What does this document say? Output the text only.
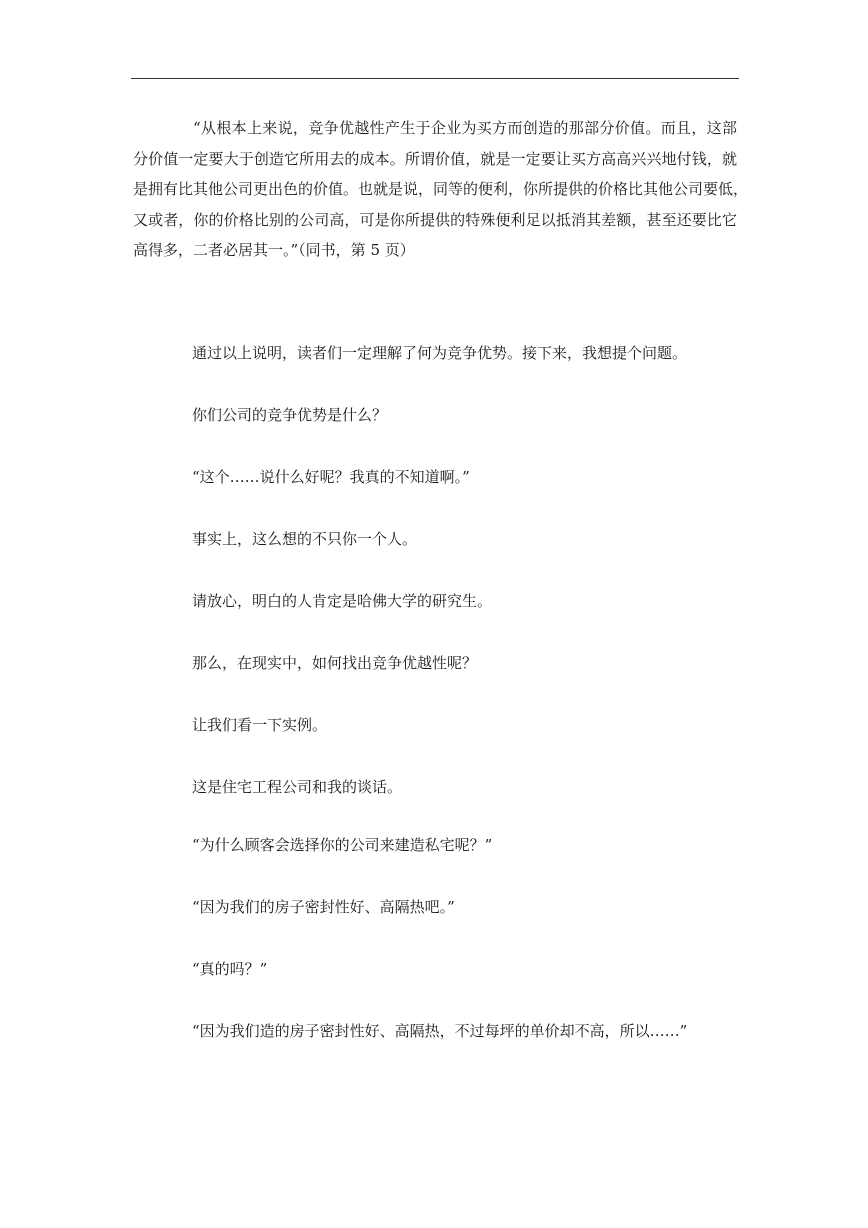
“从根本上来说，竞争优越性产生于企业为买方而创造的那部分价值。而且，这部
分价值一定要大于创造它所用去的成本。所谓价值，就是一定要让买方高高兴兴地付钱，就
是拥有比其他公司更出色的价值。也就是说，同等的便利，你所提供的价格比其他公司要低，
又或者，你的价格比别的公司高，可是你所提供的特殊便利足以抵消其差额，甚至还要比它
高得多，二者必居其一。”（同书，第 5 页）
通过以上说明，读者们一定理解了何为竞争优势。接下来，我想提个问题。
你们公司的竞争优势是什么？
“这个……说什么好呢？我真的不知道啊。”
事实上，这么想的不只你一个人。
请放心，明白的人肯定是哈佛大学的研究生。
那么，在现实中，如何找出竞争优越性呢？
让我们看一下实例。
这是住宅工程公司和我的谈话。
“为什么顾客会选择你的公司来建造私宅呢？”
“因为我们的房子密封性好、高隔热吧。”
“真的吗？”
“因为我们造的房子密封性好、高隔热，不过每坪的单价却不高，所以……”
